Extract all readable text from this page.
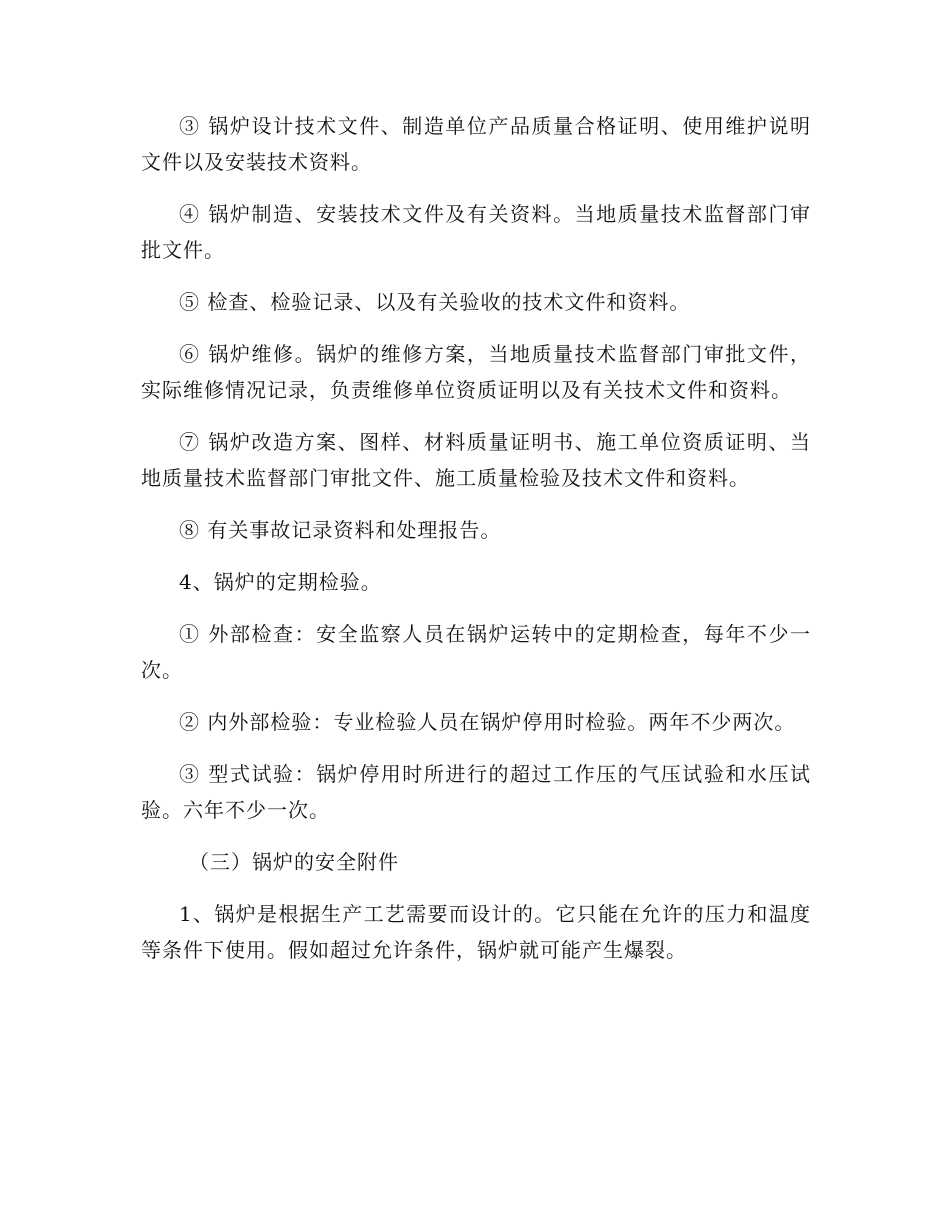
③ 锅炉设计技术文件、制造单位产品质量合格证明、使用维护说明文件以及安装技术资料。

④ 锅炉制造、安装技术文件及有关资料。当地质量技术监督部门审批文件。

⑤ 检查、检验记录、以及有关验收的技术文件和资料。

⑥ 锅炉维修。锅炉的维修方案，当地质量技术监督部门审批文件，实际维修情况记录，负责维修单位资质证明以及有关技术文件和资料。

⑦ 锅炉改造方案、图样、材料质量证明书、施工单位资质证明、当地质量技术监督部门审批文件、施工质量检验及技术文件和资料。

⑧ 有关事故记录资料和处理报告。

4、锅炉的定期检验。

① 外部检查：安全监察人员在锅炉运转中的定期检查，每年不少一次。

② 内外部检验：专业检验人员在锅炉停用时检验。两年不少两次。

③ 型式试验：锅炉停用时所进行的超过工作压的气压试验和水压试验。六年不少一次。

（三）锅炉的安全附件

1、锅炉是根据生产工艺需要而设计的。它只能在允许的压力和温度等条件下使用。假如超过允许条件，锅炉就可能产生爆裂。
